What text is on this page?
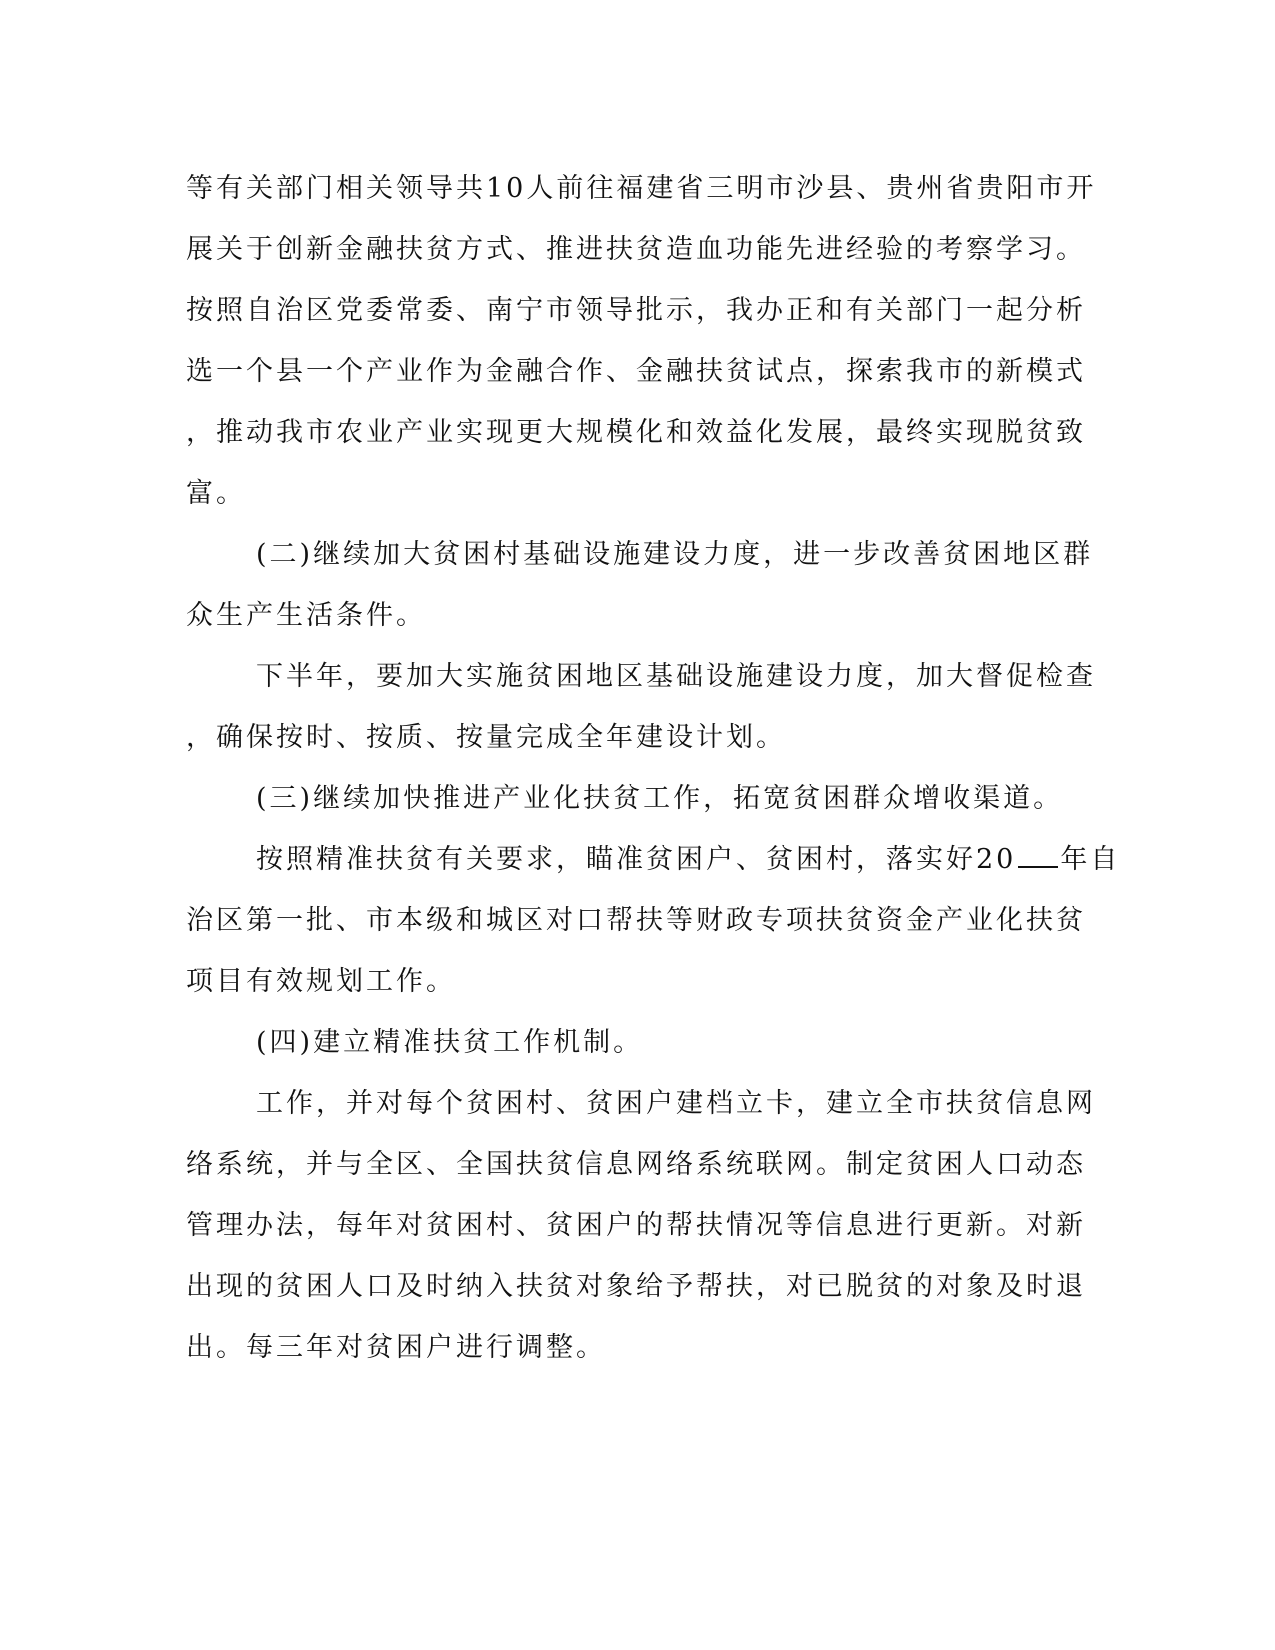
等有关部门相关领导共10人前往福建省三明市沙县、贵州省贵阳市开
展关于创新金融扶贫方式、推进扶贫造血功能先进经验的考察学习。
按照自治区党委常委、南宁市领导批示，我办正和有关部门一起分析
选一个县一个产业作为金融合作、金融扶贫试点，探索我市的新模式
，推动我市农业产业实现更大规模化和效益化发展，最终实现脱贫致
富。
(二)继续加大贫困村基础设施建设力度，进一步改善贫困地区群
众生产生活条件。
下半年，要加大实施贫困地区基础设施建设力度，加大督促检查
，确保按时、按质、按量完成全年建设计划。
(三)继续加快推进产业化扶贫工作，拓宽贫困群众增收渠道。
按照精准扶贫有关要求，瞄准贫困户、贫困村，落实好20 年自
治区第一批、市本级和城区对口帮扶等财政专项扶贫资金产业化扶贫
项目有效规划工作。
(四)建立精准扶贫工作机制。
工作，并对每个贫困村、贫困户建档立卡，建立全市扶贫信息网
络系统，并与全区、全国扶贫信息网络系统联网。制定贫困人口动态
管理办法，每年对贫困村、贫困户的帮扶情况等信息进行更新。对新
出现的贫困人口及时纳入扶贫对象给予帮扶，对已脱贫的对象及时退
出。每三年对贫困户进行调整。
